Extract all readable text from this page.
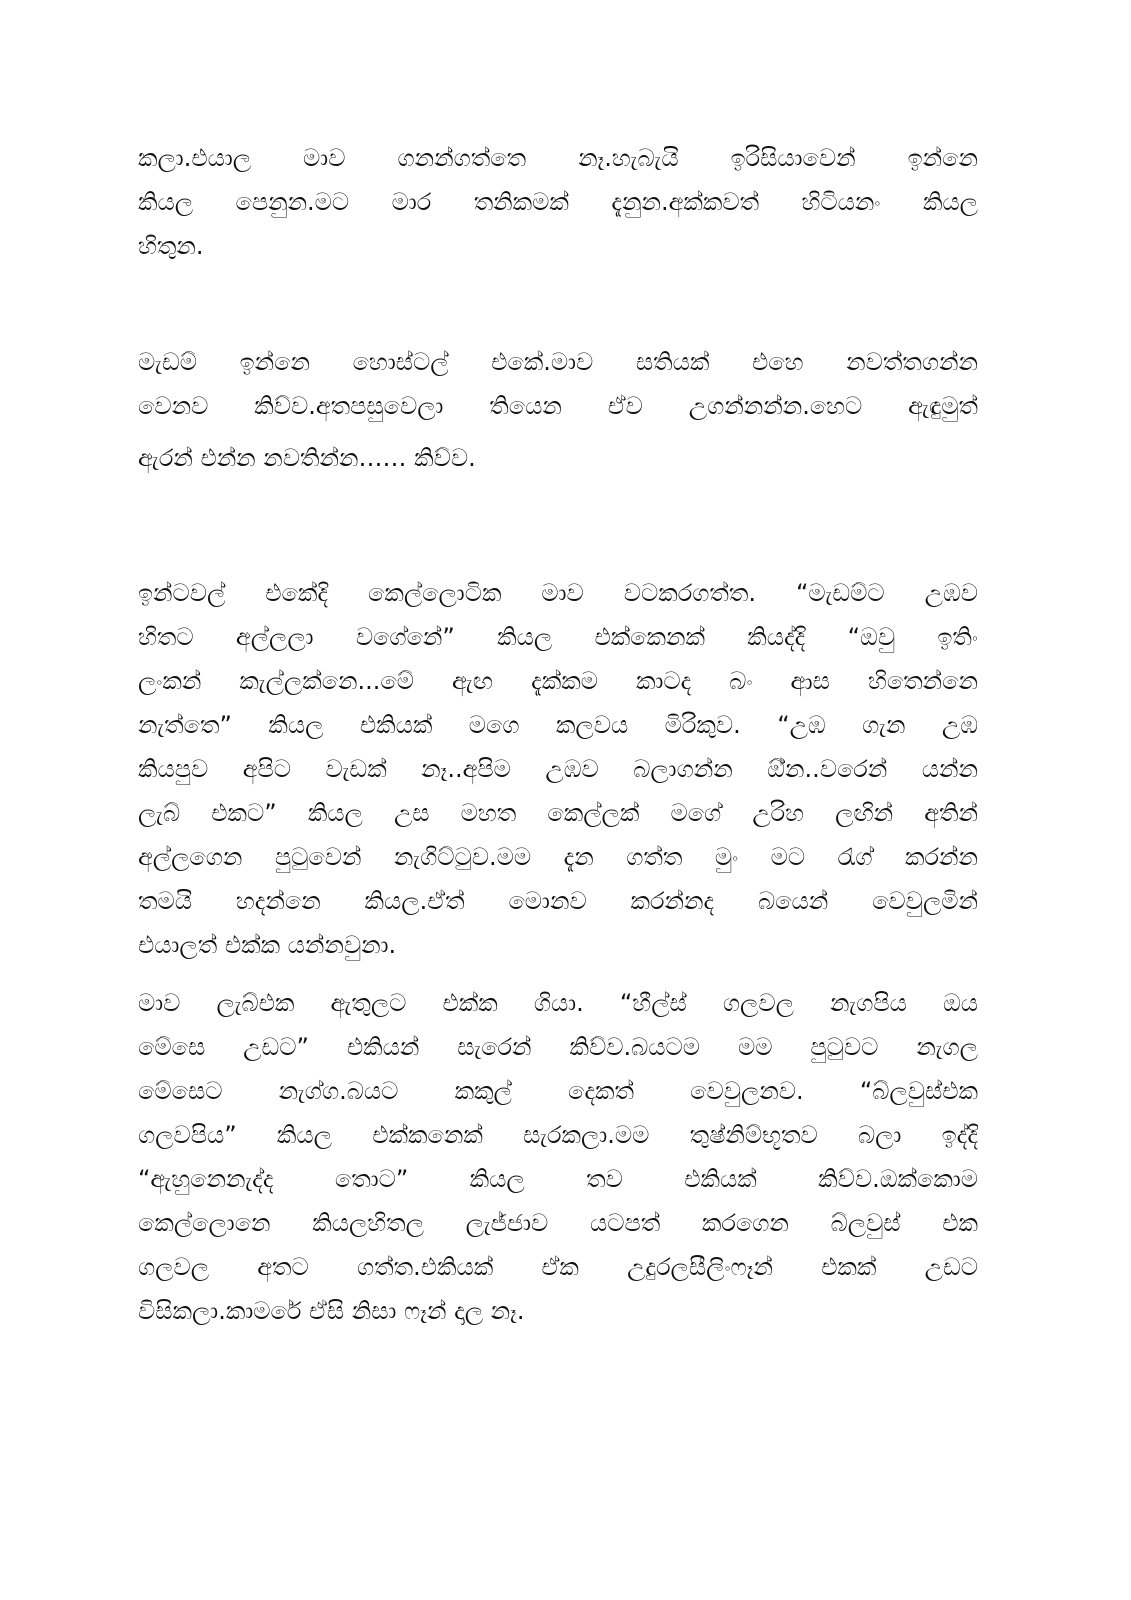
කලා.එයාල මාව ගනන්ගත්තෙ නෑ.හැබැයි ඉරිසියාවෙන් ඉන්නෙ
කියල පෙනුන.මට මාර තනිකමක් දැනුන.අක්කවත් හිටියනං කියල
හිතුන.
මැඩම් ඉන්නෙ හොස්ටල් එකේ.මාව සතියක් එහෙ නවත්තගන්න
වෙනව කිව්ව.අතපසුවෙලා තියෙන ඒව උගන්නන්න.හෙට ඇඳුමුත්
ඇරන් එන්න නවතින්න…… කිව්ව.
ඉන්ටවල් එකේදි කෙල්ලොටික මාව වටකරගත්ත. “මැඩම්ට උඹව
හිතට අල්ලලා වගේනේ” කියල එක්කෙනක් කියද්දි “ඔවු ඉතිං
ලංකන් කැල්ලක්නෙ...මේ ඇඟ දැක්කම කාටද බං ආස හිතෙන්නෙ
නැත්තෙ” කියල එකියක් මගෙ කලවය මිරිකුව. “උඹ ගැන උඹ
කියපුව අපිට වැඩක් නෑ..අපිම උඹව බලාගන්න ඕ්න..වරෙන් යන්න
ලැබ් එකට” කියල උස මහත කෙල්ලක් මගේ උරිහ ලඟින් අතින්
අල්ලගෙන පුටුවෙන් නැගිට්ටුව.මම දැන ගත්ත මුං මට රැග් කරන්න
තමයි හදන්නෙ කියල.ඒත් මොනව කරන්නද බයෙන් වෙවුලමින්
එයාලත් එක්ක යන්නවුනා.
මාව ලැබ්එක ඇතුලට එක්ක ගියා. “හීල්ස් ගලවල නැගපිය ඔය
මේසෙ උඩට” එකියන් සැරෙන් කිව්ව.බයටම මම පුටුවට නැගල
මේසෙට නැග්ග.බයට කකුල් දෙකත් වෙවුලනව. “බ්ලවුස්එක
ගලවපිය” කියල එක්කනෙක් සැරකලා.මම තුෂ්නිම්භූතව බලා ඉද්දි
“ඇහුනෙනැද්ද තොට” කියල තව එකියක් කිව්ව.ඔක්කොම
කෙල්ලොනෙ කියලහිතල ලැජ්ජාව යටපත් කරගෙන බ්ලවුස් එක
ගලවල අතට ගත්ත.එකියක් ඒක උදුරලසීලිංෆෑන් එකක් උඩට
විසිකලා.කාමරේ ඒසි නිසා ෆෑන් දාල නෑ.
